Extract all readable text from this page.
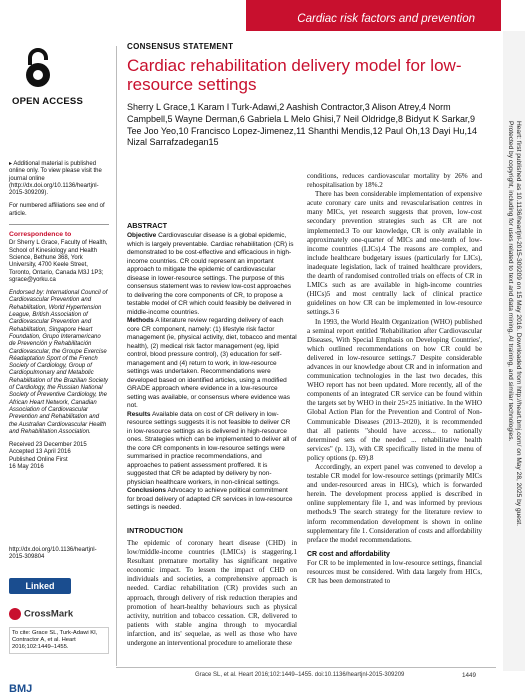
Cardiac risk factors and prevention
Heart: first published as 10.1136/heartjnl-2015-309209 on 15 May 2016. Downloaded from http://heart.bmj.com/ on May 28, 2025 by guest.
Protected by copyright, including for uses related to text and data mining, AI training, and similar technologies.
OPEN ACCESS

▸ Additional material is published online only. To view please visit the journal online (http://dx.doi.org/10.1136/heartjnl-2015-309209).

For numbered affiliations see end of article.

Correspondence to

Dr Sherry L Grace, Faculty of Health, School of Kinesiology and Health Science, Bethune 368, York University, 4700 Keele Street, Toronto, Ontario, Canada M3J 1P3; sgrace@yorku.ca

Endorsed by: International Council of Cardiovascular Prevention and Rehabilitation, World Hypertension League, British Association of Cardiovascular Prevention and Rehabilitation, Singapore Heart Foundation, Grupo Interamericano de Prevención y Rehabilitación Cardiovascular, the Groupe Exercise Réadaptation Sport of the French Society of Cardiology, Group of Cardiopulmonary and Metabolic Rehabilitation of the Brazilian Society of Cardiology, the Russian National Society of Preventive Cardiology, the African Heart Network, Canadian Association of Cardiovascular Prevention and Rehabilitation and the Australian Cardiovascular Health and Rehabilitation Association.

Received 23 December 2015
Accepted 13 April 2016
Published Online First
16 May 2016

http://dx.doi.org/10.1136/heartjnl-2015-309804
Linked
CrossMark
To cite: Grace SL, Turk-Adawi KI, Contractor A, et al. Heart 2016;102:1449–1455.
BMJ
CONSENSUS STATEMENT
Cardiac rehabilitation delivery model for low-resource settings
Sherry L Grace,1 Karam I Turk-Adawi,2 Aashish Contractor,3 Alison Atrey,4 Norm Campbell,5 Wayne Derman,6 Gabriela L Melo Ghisi,7 Neil Oldridge,8 Bidyut K Sarkar,9 Tee Joo Yeo,10 Francisco Lopez-Jimenez,11 Shanthi Mendis,12 Paul Oh,13 Dayi Hu,14 Nizal Sarrafzadegan15
ABSTRACT

Objective Cardiovascular disease is a global epidemic, which is largely preventable. Cardiac rehabilitation (CR) is demonstrated to be cost-effective and efficacious in high-income countries. CR could represent an important approach to mitigate the epidemic of cardiovascular disease in lower-resource settings. The purpose of this consensus statement was to review low-cost approaches to delivering the core components of CR, to propose a testable model of CR which could feasibly be delivered in middle-income countries.

Methods A literature review regarding delivery of each core CR component, namely: (1) lifestyle risk factor management (ie, physical activity, diet, tobacco and mental health), (2) medical risk factor management (eg, lipid control, blood pressure control), (3) education for self-management and (4) return to work, in low-resource settings was undertaken. Recommendations were developed based on identified articles, using a modified GRADE approach where evidence in a low-resource setting was available, or consensus where evidence was not.

Results Available data on cost of CR delivery in low-resource settings suggests it is not feasible to deliver CR in low-resource settings as is delivered in high-resource ones. Strategies which can be implemented to deliver all of the core CR components in low-resource settings were summarised in practice recommendations, and approaches to patient assessment proffered. It is suggested that CR be adapted by delivery by non-physician healthcare workers, in non-clinical settings.

Conclusions Advocacy to achieve political commitment for broad delivery of adapted CR services in low-resource settings is needed.

INTRODUCTION
The epidemic of coronary heart disease (CHD) in low/middle-income countries (LMICs) is staggering.1 Resultant premature mortality has significant negative economic impact. To lessen the impact of CHD on individuals and societies, a comprehensive approach is needed. Cardiac rehabilitation (CR) provides such an approach, through delivery of risk reduction therapies and promotion of heart-healthy behaviours such as physical activity, nutrition and tobacco cessation. CR, delivered to patients with stable angina through to myocardial infarction, and its' sequelae, as well as those who have undergone an interventional procedure to ameliorate these

conditions, reduces cardiovascular mortality by 26% and rehospitalisation by 18%.2

There has been considerable implementation of expensive acute coronary care units and revascularisation centres in many MICs, yet research suggests that proven, low-cost secondary prevention strategies such as CR are not implemented.3 To our knowledge, CR is only available in approximately one-quarter of MICs and one-tenth of low-income countries (LICs).4 The reasons are complex, and include healthcare budgetary issues (particularly for LICs), inadequate legislation, lack of trained healthcare providers, the dearth of randomised controlled trials on effects of CR in LMICs such as are available in high-income countries (HICs)5 and most centrally lack of clinical practice guidelines on how CR can be implemented in low-resource settings.3 6

In 1993, the World Health Organization (WHO) published a seminal report entitled 'Rehabilitation after Cardiovascular Diseases, With Special Emphasis on Developing Countries', which outlined recommendations on how CR could be delivered in low-resource settings.7 Despite considerable advances in our knowledge about CR and in information and communication technologies in the last two decades, this WHO report has not been updated. More recently, all of the components of an integrated CR service can be found within the targets set by WHO in their 25×25 initiative. In the WHO Global Action Plan for the Prevention and Control of Non-Communicable Diseases (2013–2020), it is recommended that all patients "should have access... to nationally determined sets of the needed ... rehabilitative health services" (p. 13), with CR specifically listed in the menu of policy options (p. 69).8

Accordingly, an expert panel was convened to develop a testable CR model for low-resource settings (primarily MICs and under-resourced areas in HICs), which is forwarded herein. The development process applied is described in online supplementary file 1, and was informed by previous methods.9 The search strategy for the literature review to inform recommendation development is shown in online supplementary file 1. Consideration of costs and affordability preface the model recommendations.

CR cost and affordability

For CR to be implemented in low-resource settings, financial resources must be considered. With data largely from HICs, CR has been demonstrated to

Grace SL, et al. Heart 2016;102:1449–1455. doi:10.1136/heartjnl-2015-309209	1449
